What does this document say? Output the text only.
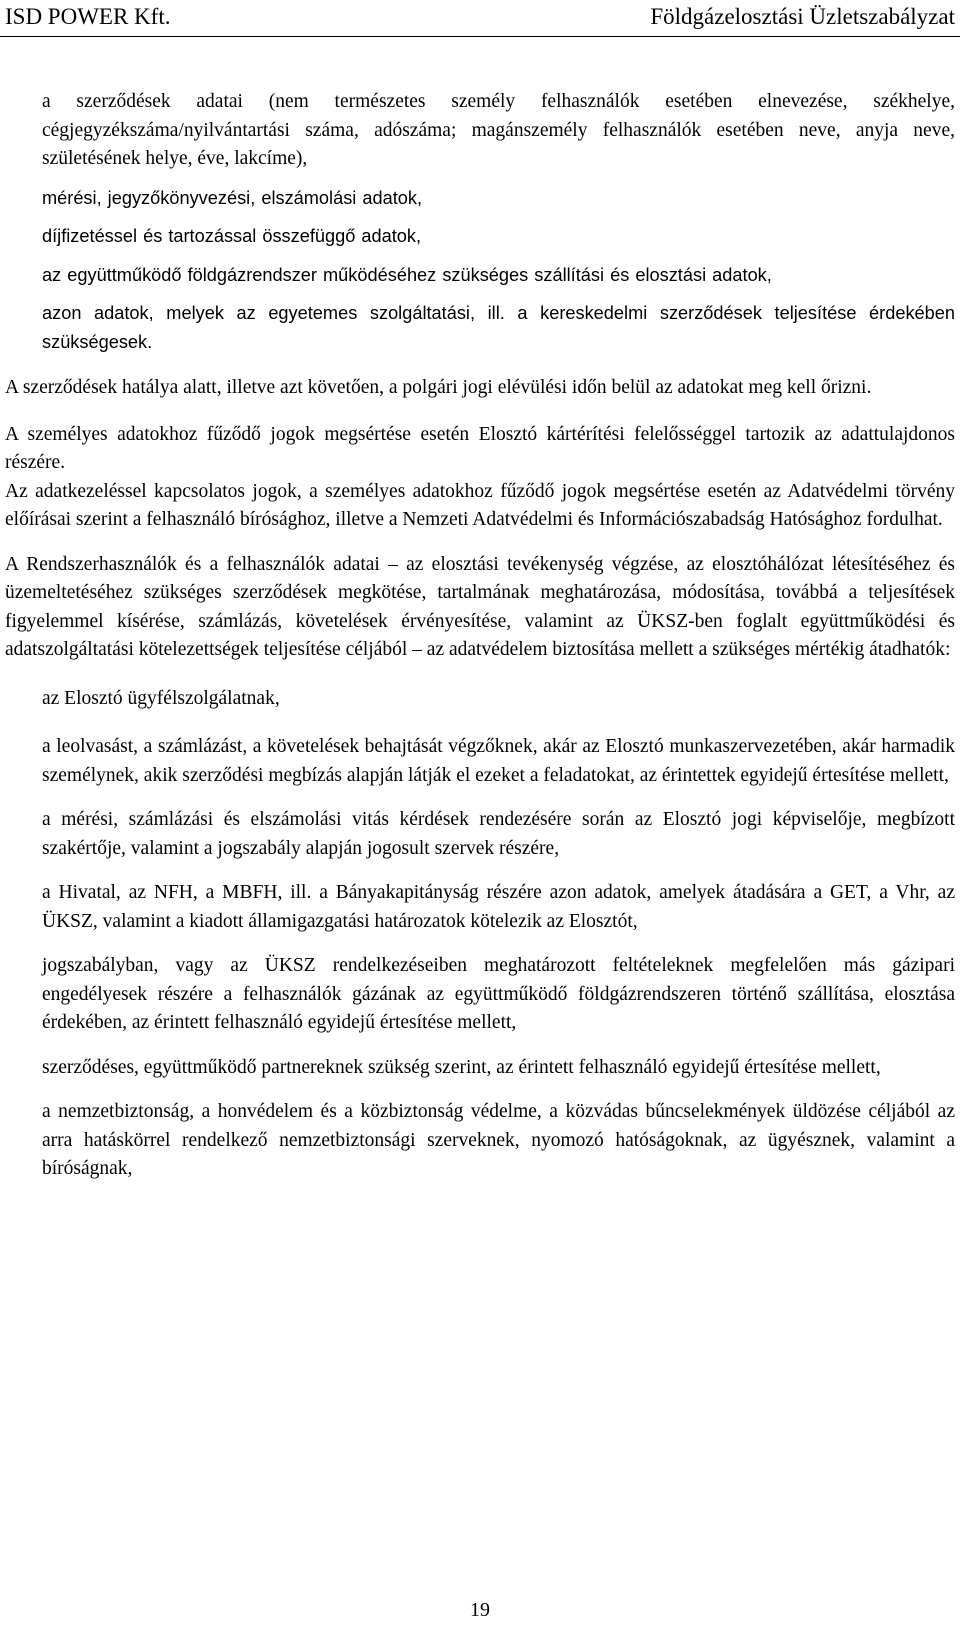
ISD POWER Kft.	Földgázelosztási Üzletszabályzat

a szerződések adatai (nem természetes személy felhasználók esetében elnevezése, székhelye, cégjegyzékszáma/nyilvántartási száma, adószáma; magánszemély felhasználók esetében neve, anyja neve, születésének helye, éve, lakcíme),

mérési, jegyzőkönyvezési, elszámolási adatok,

díjfizetéssel és tartozással összefüggő adatok,

az együttműködő földgázrendszer működéséhez szükséges szállítási és elosztási adatok,

azon adatok, melyek az egyetemes szolgáltatási, ill. a kereskedelmi szerződések teljesítése érdekében szükségesek.

A szerződések hatálya alatt, illetve azt követően, a polgári jogi elévülési időn belül az adatokat meg kell őrizni.

A személyes adatokhoz fűződő jogok megsértése esetén Elosztó kártérítési felelősséggel tartozik az adattulajdonos részére.

Az adatkezeléssel kapcsolatos jogok, a személyes adatokhoz fűződő jogok megsértése esetén az Adatvédelmi törvény előírásai szerint a felhasználó bírósághoz, illetve a Nemzeti Adatvédelmi és Információszabadság Hatósághoz fordulhat.

A Rendszerhasználók és a felhasználók adatai – az elosztási tevékenység végzése, az elosztóhálózat létesítéséhez és üzemeltetéséhez szükséges szerződések megkötése, tartalmának meghatározása, módosítása, továbbá a teljesítések figyelemmel kísérése, számlázás, követelések érvényesítése, valamint az ÜKSZ-ben foglalt együttműködési és adatszolgáltatási kötelezettségek teljesítése céljából – az adatvédelem biztosítása mellett a szükséges mértékig átadhatók:

az Elosztó ügyfélszolgálatnak,

a leolvasást, a számlázást, a követelések behajtását végzőknek, akár az Elosztó munkaszervezetében, akár harmadik személynek, akik szerződési megbízás alapján látják el ezeket a feladatokat, az érintettek egyidejű értesítése mellett,

a mérési, számlázási és elszámolási vitás kérdések rendezésére során az Elosztó jogi képviselője, megbízott szakértője, valamint a jogszabály alapján jogosult szervek részére,

a Hivatal, az NFH, a MBFH, ill. a Bányakapitányság részére azon adatok, amelyek átadására a GET, a Vhr, az ÜKSZ, valamint a kiadott államigazgatási határozatok kötelezik az Elosztót,

jogszabályban, vagy az ÜKSZ rendelkezéseiben meghatározott feltételeknek megfelelően más gázipari engedélyesek részére a felhasználók gázának az együttműködő földgázrendszeren történő szállítása, elosztása érdekében, az érintett felhasználó egyidejű értesítése mellett,

szerződéses, együttműködő partnereknek szükség szerint, az érintett felhasználó egyidejű értesítése mellett,

a nemzetbiztonság, a honvédelem és a közbiztonság védelme, a közvádas bűncselekmények üldözése céljából az arra hatáskörrel rendelkező nemzetbiztonsági szerveknek, nyomozó hatóságoknak, az ügyésznek, valamint a bíróságnak,

19
